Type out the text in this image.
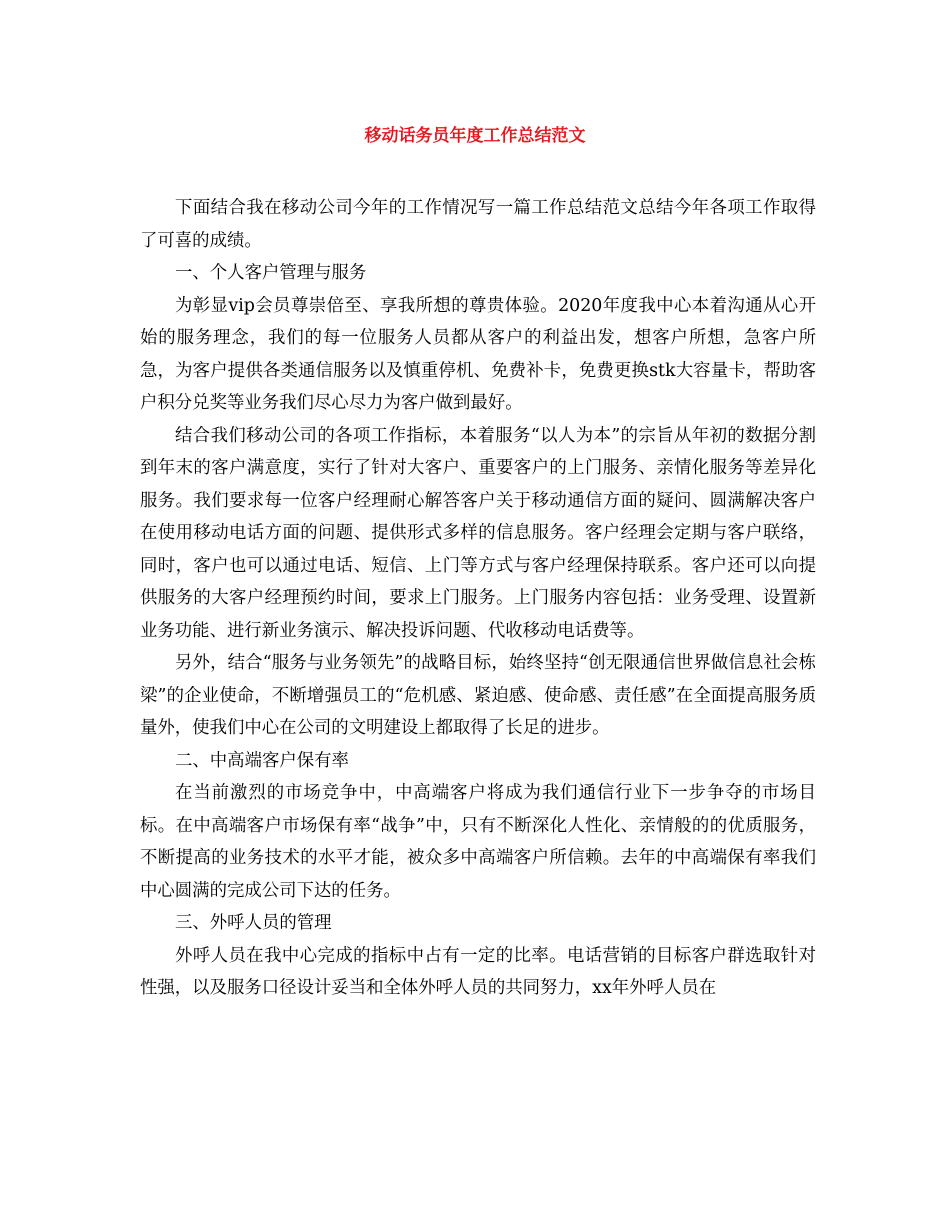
移动话务员年度工作总结范文

下面结合我在移动公司今年的工作情况写一篇工作总结范文总结今年各项工作取得了可喜的成绩。

一、个人客户管理与服务

为彰显vip会员尊崇倍至、享我所想的尊贵体验。2020年度我中心本着沟通从心开始的服务理念，我们的每一位服务人员都从客户的利益出发，想客户所想，急客户所急，为客户提供各类通信服务以及慎重停机、免费补卡，免费更换stk大容量卡，帮助客户积分兑奖等业务我们尽心尽力为客户做到最好。

结合我们移动公司的各项工作指标，本着服务“以人为本”的宗旨从年初的数据分割到年末的客户满意度，实行了针对大客户、重要客户的上门服务、亲情化服务等差异化服务。我们要求每一位客户经理耐心解答客户关于移动通信方面的疑问、圆满解决客户在使用移动电话方面的问题、提供形式多样的信息服务。客户经理会定期与客户联络，同时，客户也可以通过电话、短信、上门等方式与客户经理保持联系。客户还可以向提供服务的大客户经理预约时间，要求上门服务。上门服务内容包括：业务受理、设置新业务功能、进行新业务演示、解决投诉问题、代收移动电话费等。

另外，结合“服务与业务领先”的战略目标，始终坚持“创无限通信世界做信息社会栋梁”的企业使命，不断增强员工的“危机感、紧迫感、使命感、责任感”在全面提高服务质量外，使我们中心在公司的文明建设上都取得了长足的进步。

二、中高端客户保有率

在当前激烈的市场竞争中，中高端客户将成为我们通信行业下一步争夺的市场目标。在中高端客户市场保有率“战争”中，只有不断深化人性化、亲情般的的优质服务，不断提高的业务技术的水平才能，被众多中高端客户所信赖。去年的中高端保有率我们中心圆满的完成公司下达的任务。

三、外呼人员的管理

外呼人员在我中心完成的指标中占有一定的比率。电话营销的目标客户群选取针对性强，以及服务口径设计妥当和全体外呼人员的共同努力，xx年外呼人员在
